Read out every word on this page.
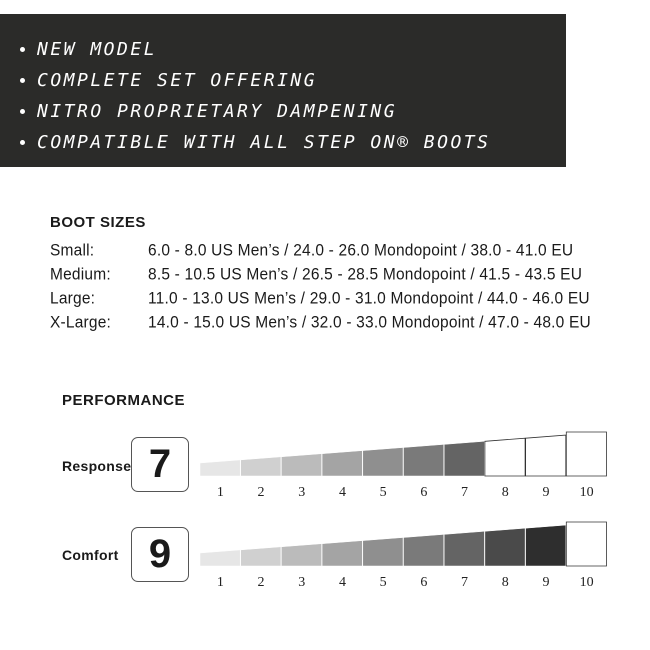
NEW MODEL
COMPLETE SET OFFERING
NITRO PROPRIETARY DAMPENING
COMPATIBLE WITH ALL STEP ON® BOOTS
BOOT SIZES
Small:	6.0 - 8.0 US Men’s / 24.0 - 26.0 Mondopoint / 38.0 - 41.0 EU
Medium:	8.5 - 10.5 US Men’s / 26.5 - 28.5 Mondopoint / 41.5 - 43.5 EU
Large:	11.0 - 13.0 US Men’s / 29.0 - 31.0 Mondopoint / 44.0 - 46.0 EU
X-Large:	14.0 - 15.0 US Men’s / 32.0 - 33.0 Mondopoint / 47.0 - 48.0 EU
PERFORMANCE
Response 7
1 2 3 4 5 6 7 8 9 10
Comfort 9
1 2 3 4 5 6 7 8 9 10
